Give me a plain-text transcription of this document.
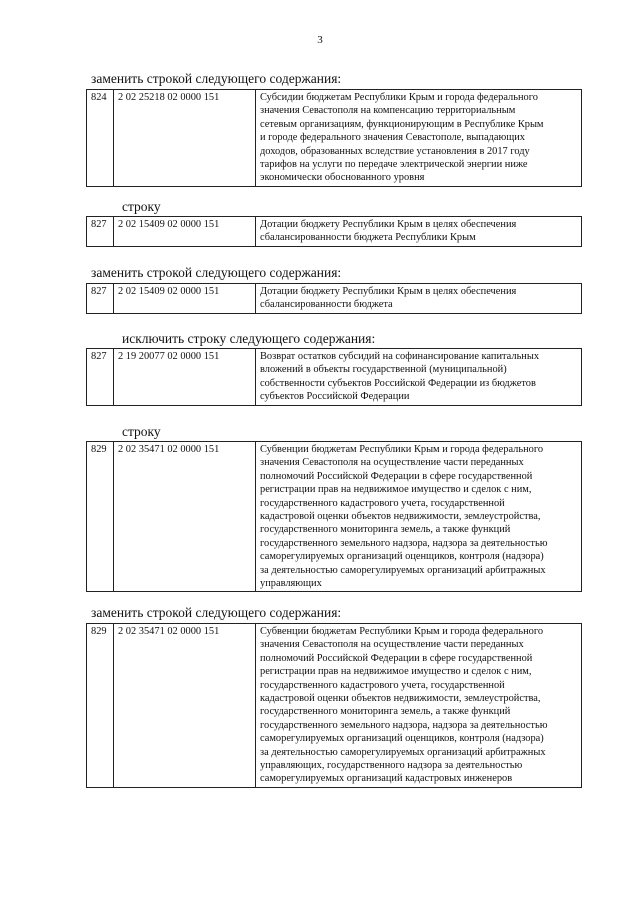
3
заменить строкой следующего содержания:
824	2 02 25218 02 0000 151	Субсидии бюджетам Республики Крым и города федерального
значения Севастополя на компенсацию территориальным
сетевым организациям, функционирующим в Республике Крым
и городе федерального значения Севастополе, выпадающих
доходов, образованных вследствие установления в 2017 году
тарифов на услуги по передаче электрической энергии ниже
экономически обоснованного уровня
строку
827	2 02 15409 02 0000 151	Дотации бюджету Республики Крым в целях обеспечения
сбалансированности бюджета Республики Крым
заменить строкой следующего содержания:
827	2 02 15409 02 0000 151	Дотации бюджету Республики Крым в целях обеспечения
сбалансированности бюджета
исключить строку следующего содержания:
827	2 19 20077 02 0000 151	Возврат остатков субсидий на софинансирование капитальных
вложений в объекты государственной (муниципальной)
собственности субъектов Российской Федерации из бюджетов
субъектов Российской Федерации
строку
829	2 02 35471 02 0000 151	Субвенции бюджетам Республики Крым и города федерального
значения Севастополя на осуществление части переданных
полномочий Российской Федерации в сфере государственной
регистрации прав на недвижимое имущество и сделок с ним,
государственного кадастрового учета, государственной
кадастровой оценки объектов недвижимости, землеустройства,
государственного мониторинга земель, а также функций
государственного земельного надзора, надзора за деятельностью
саморегулируемых организаций оценщиков, контроля (надзора)
за деятельностью саморегулируемых организаций арбитражных
управляющих
заменить строкой следующего содержания:
829	2 02 35471 02 0000 151	Субвенции бюджетам Республики Крым и города федерального
значения Севастополя на осуществление части переданных
полномочий Российской Федерации в сфере государственной
регистрации прав на недвижимое имущество и сделок с ним,
государственного кадастрового учета, государственной
кадастровой оценки объектов недвижимости, землеустройства,
государственного мониторинга земель, а также функций
государственного земельного надзора, надзора за деятельностью
саморегулируемых организаций оценщиков, контроля (надзора)
за деятельностью саморегулируемых организаций арбитражных
управляющих, государственного надзора за деятельностью
саморегулируемых организаций кадастровых инженеров
